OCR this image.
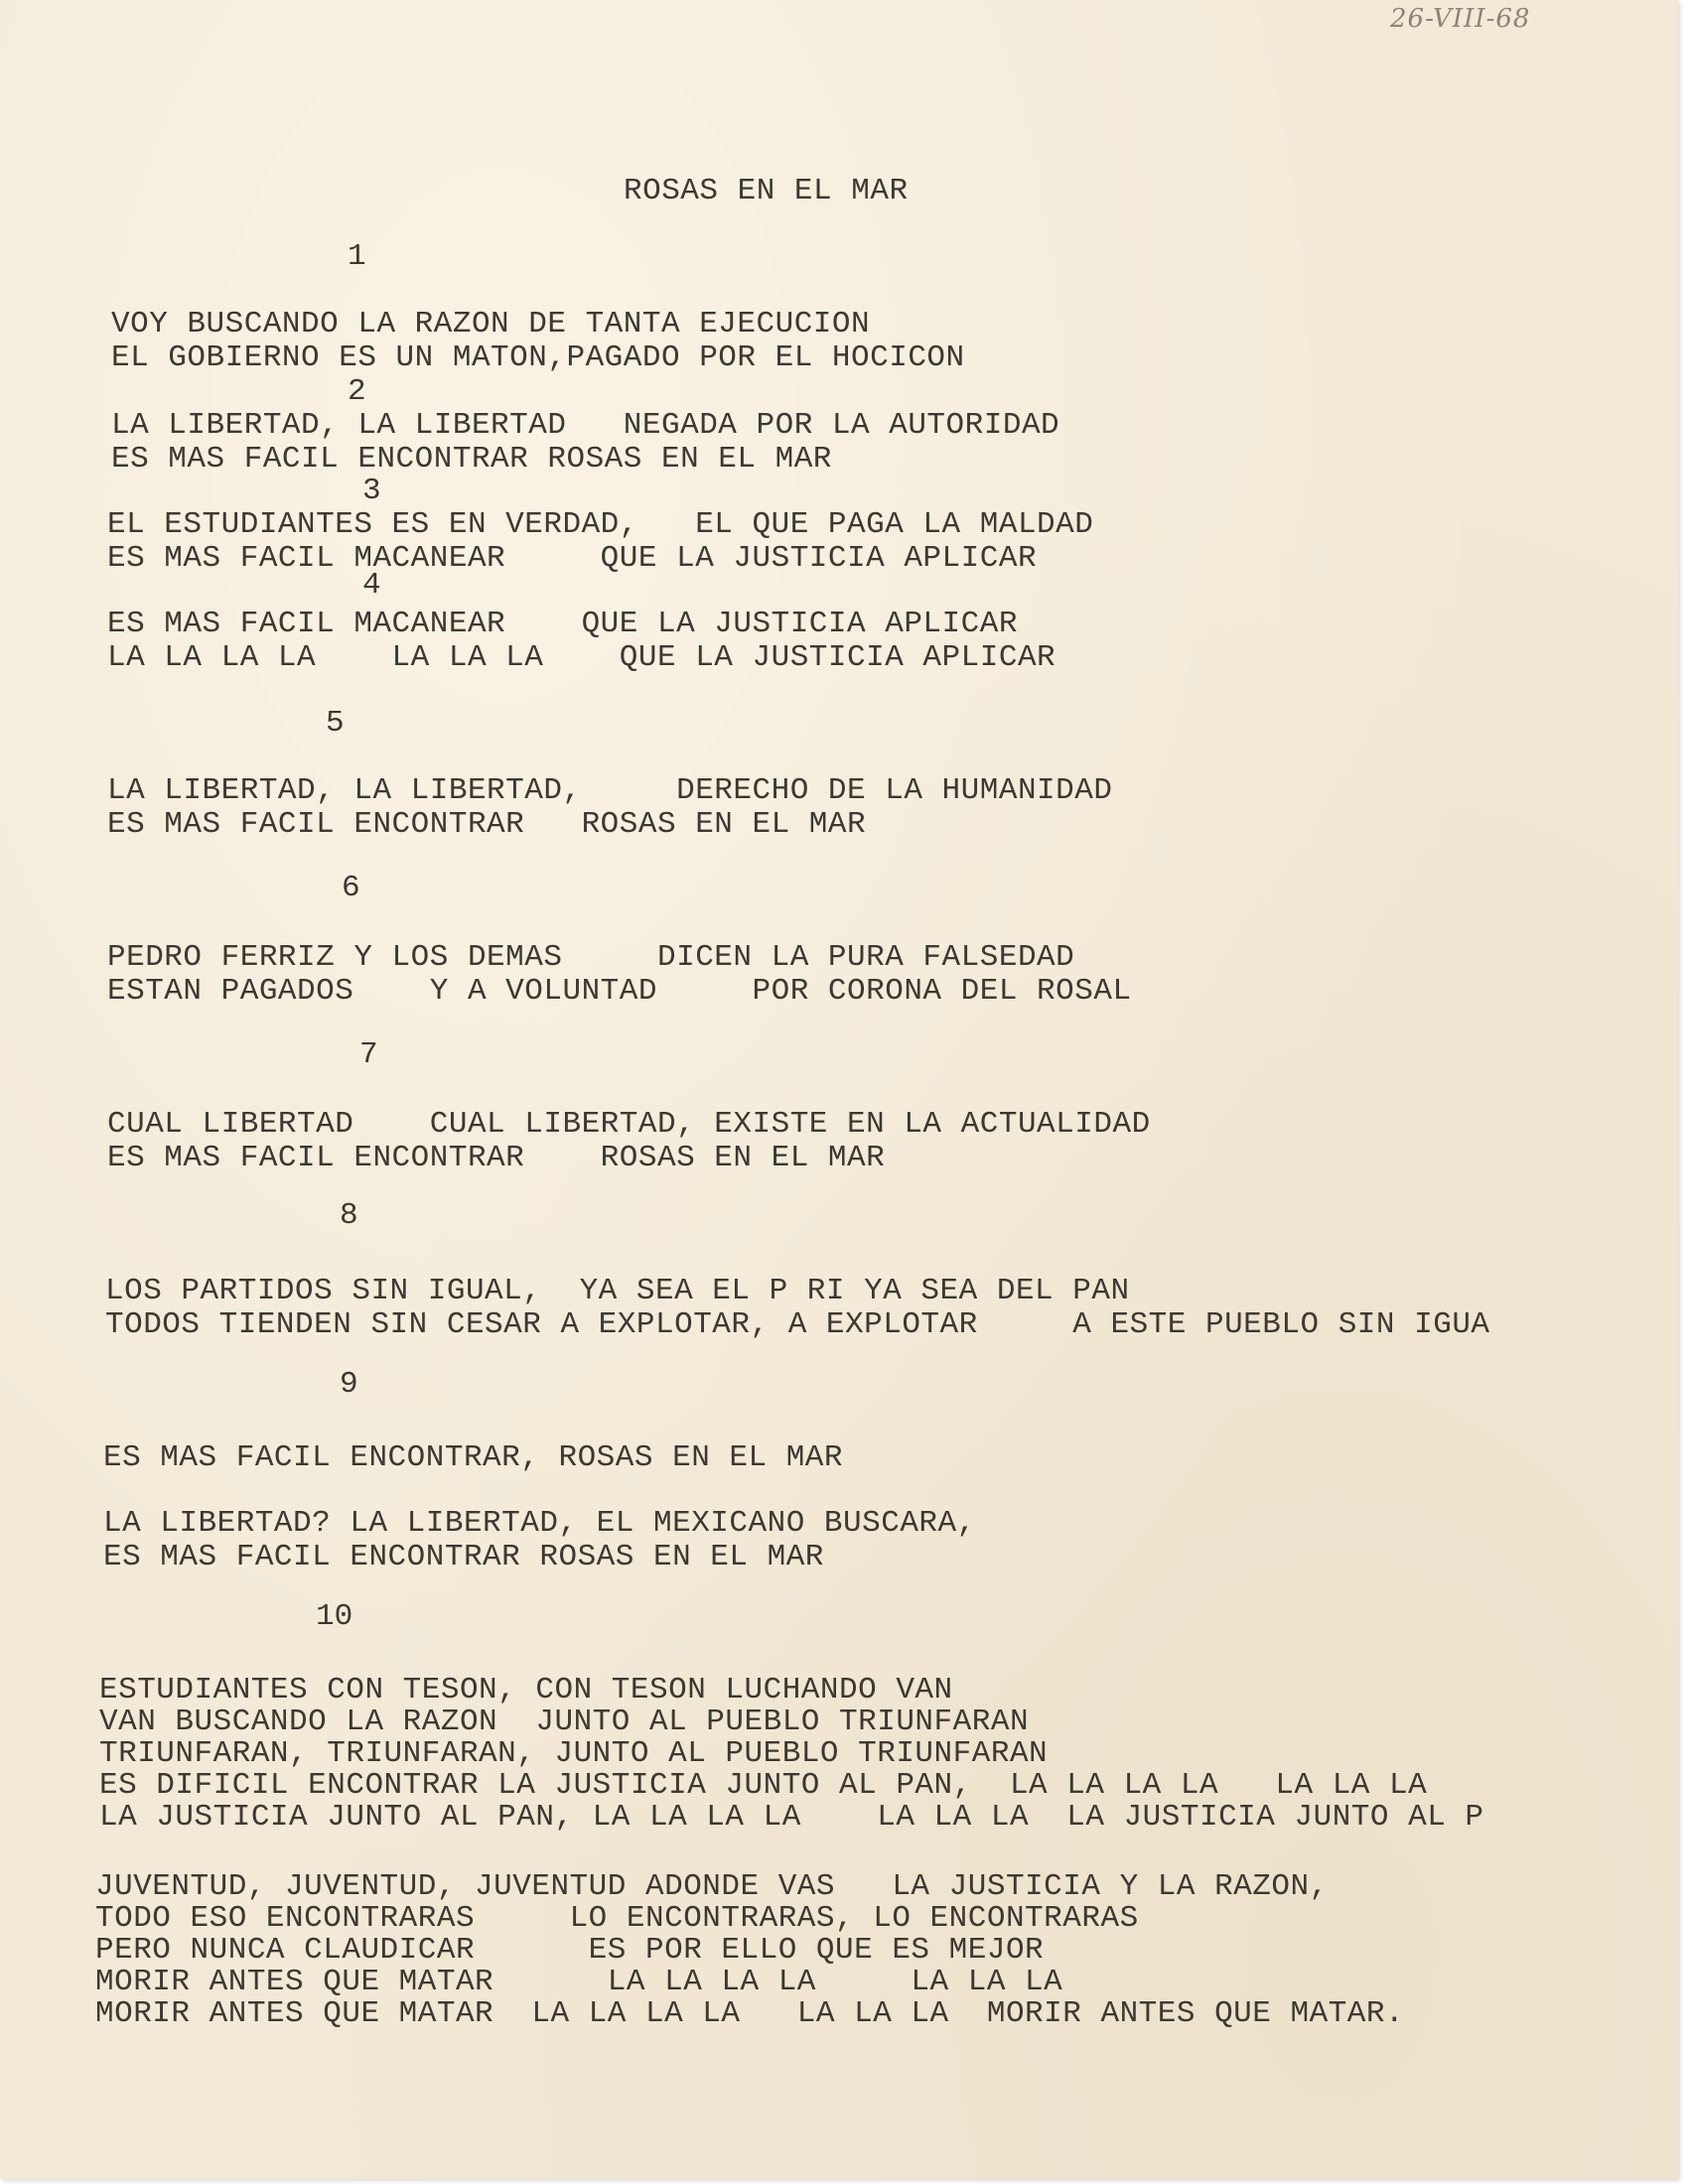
26-VIII-68
ROSAS EN EL MAR
1
2
3
4
5
6
7
8
9
10
VOY BUSCANDO LA RAZON DE TANTA EJECUCION
EL GOBIERNO ES UN MATON,PAGADO POR EL HOCICON
LA LIBERTAD, LA LIBERTAD   NEGADA POR LA AUTORIDAD
ES MAS FACIL ENCONTRAR ROSAS EN EL MAR
EL ESTUDIANTES ES EN VERDAD,   EL QUE PAGA LA MALDAD
ES MAS FACIL MACANEAR     QUE LA JUSTICIA APLICAR
ES MAS FACIL MACANEAR    QUE LA JUSTICIA APLICAR
LA LA LA LA    LA LA LA    QUE LA JUSTICIA APLICAR
LA LIBERTAD, LA LIBERTAD,     DERECHO DE LA HUMANIDAD
ES MAS FACIL ENCONTRAR   ROSAS EN EL MAR
PEDRO FERRIZ Y LOS DEMAS     DICEN LA PURA FALSEDAD
ESTAN PAGADOS    Y A VOLUNTAD     POR CORONA DEL ROSAL
CUAL LIBERTAD    CUAL LIBERTAD, EXISTE EN LA ACTUALIDAD
ES MAS FACIL ENCONTRAR    ROSAS EN EL MAR
LOS PARTIDOS SIN IGUAL,  YA SEA EL P RI YA SEA DEL PAN
TODOS TIENDEN SIN CESAR A EXPLOTAR, A EXPLOTAR     A ESTE PUEBLO SIN IGUA
ES MAS FACIL ENCONTRAR, ROSAS EN EL MAR
LA LIBERTAD? LA LIBERTAD, EL MEXICANO BUSCARA,
ES MAS FACIL ENCONTRAR ROSAS EN EL MAR
ESTUDIANTES CON TESON, CON TESON LUCHANDO VAN
VAN BUSCANDO LA RAZON  JUNTO AL PUEBLO TRIUNFARAN
TRIUNFARAN, TRIUNFARAN, JUNTO AL PUEBLO TRIUNFARAN
ES DIFICIL ENCONTRAR LA JUSTICIA JUNTO AL PAN,  LA LA LA LA   LA LA LA
LA JUSTICIA JUNTO AL PAN, LA LA LA LA    LA LA LA  LA JUSTICIA JUNTO AL P
JUVENTUD, JUVENTUD, JUVENTUD ADONDE VAS   LA JUSTICIA Y LA RAZON,
TODO ESO ENCONTRARAS     LO ENCONTRARAS, LO ENCONTRARAS
PERO NUNCA CLAUDICAR      ES POR ELLO QUE ES MEJOR
MORIR ANTES QUE MATAR      LA LA LA LA     LA LA LA
MORIR ANTES QUE MATAR  LA LA LA LA   LA LA LA  MORIR ANTES QUE MATAR.
